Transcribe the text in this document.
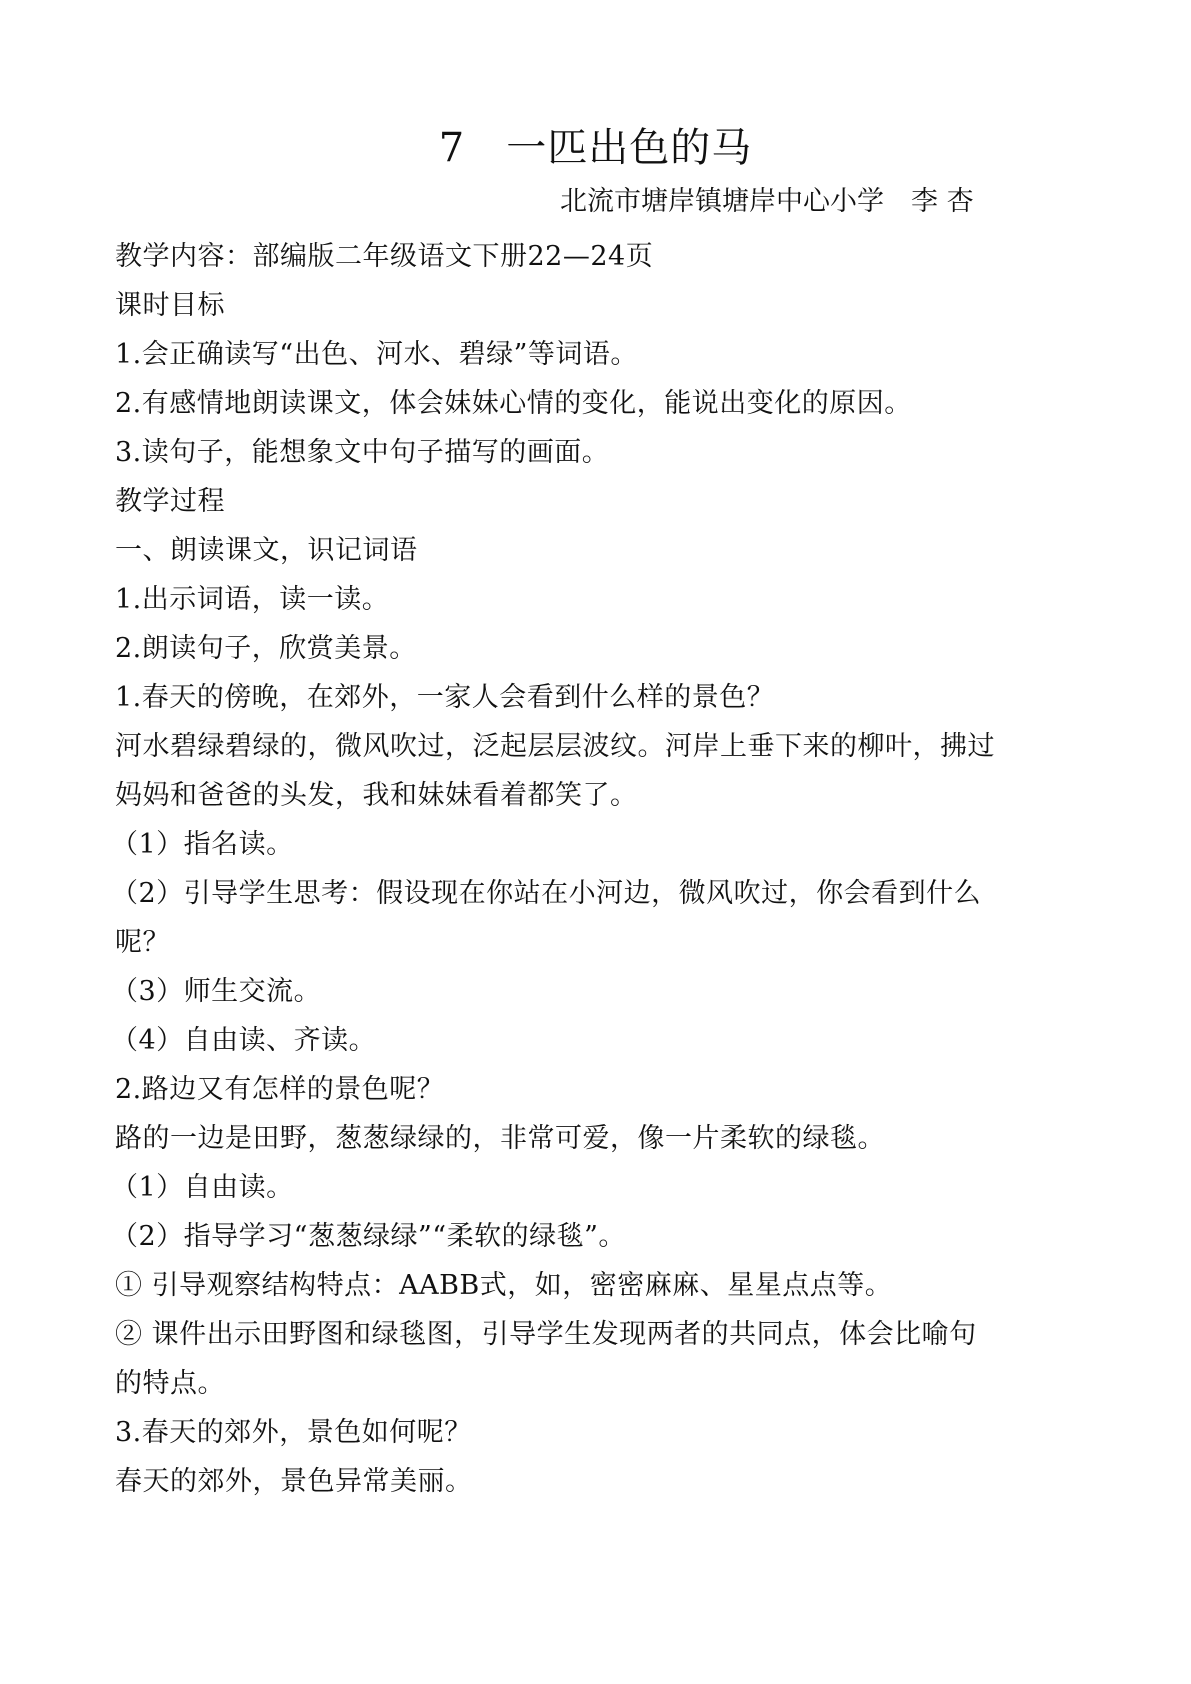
7　一匹出色的马
北流市塘岸镇塘岸中心小学　李 杏
教学内容：部编版二年级语文下册22—24页
课时目标
1.会正确读写“出色、河水、碧绿”等词语。
2.有感情地朗读课文，体会妹妹心情的变化，能说出变化的原因。
3.读句子，能想象文中句子描写的画面。
教学过程
一、朗读课文，识记词语
1.出示词语，读一读。
2.朗读句子，欣赏美景。
1.春天的傍晚，在郊外，一家人会看到什么样的景色？
河水碧绿碧绿的，微风吹过，泛起层层波纹。河岸上垂下来的柳叶，拂过
妈妈和爸爸的头发，我和妹妹看着都笑了。
（1）指名读。
（2）引导学生思考：假设现在你站在小河边，微风吹过，你会看到什么
呢？
（3）师生交流。
（4）自由读、齐读。
2.路边又有怎样的景色呢？
路的一边是田野，葱葱绿绿的，非常可爱，像一片柔软的绿毯。
（1）自由读。
（2）指导学习“葱葱绿绿”“柔软的绿毯”。
① 引导观察结构特点：AABB式，如，密密麻麻、星星点点等。
② 课件出示田野图和绿毯图，引导学生发现两者的共同点，体会比喻句
的特点。
3.春天的郊外，景色如何呢？
春天的郊外，景色异常美丽。
